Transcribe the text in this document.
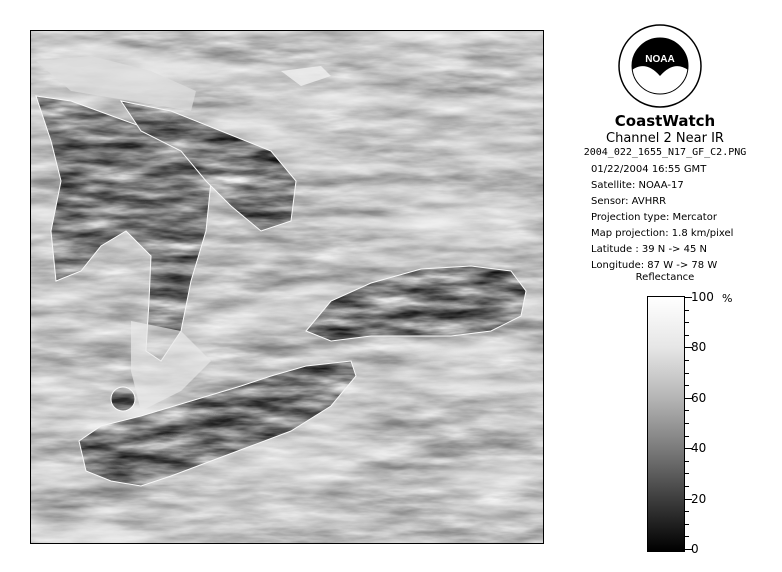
NOAA
CoastWatch
Channel 2 Near IR
2004_022_1655_N17_GF_C2.PNG
01/22/2004 16:55 GMT
Satellite: NOAA-17
Sensor: AVHRR
Projection type: Mercator
Map projection: 1.8 km/pixel
Latitude : 39 N -> 45 N
Longitude: 87 W -> 78 W
Reflectance
%
100
80
60
40
20
0
